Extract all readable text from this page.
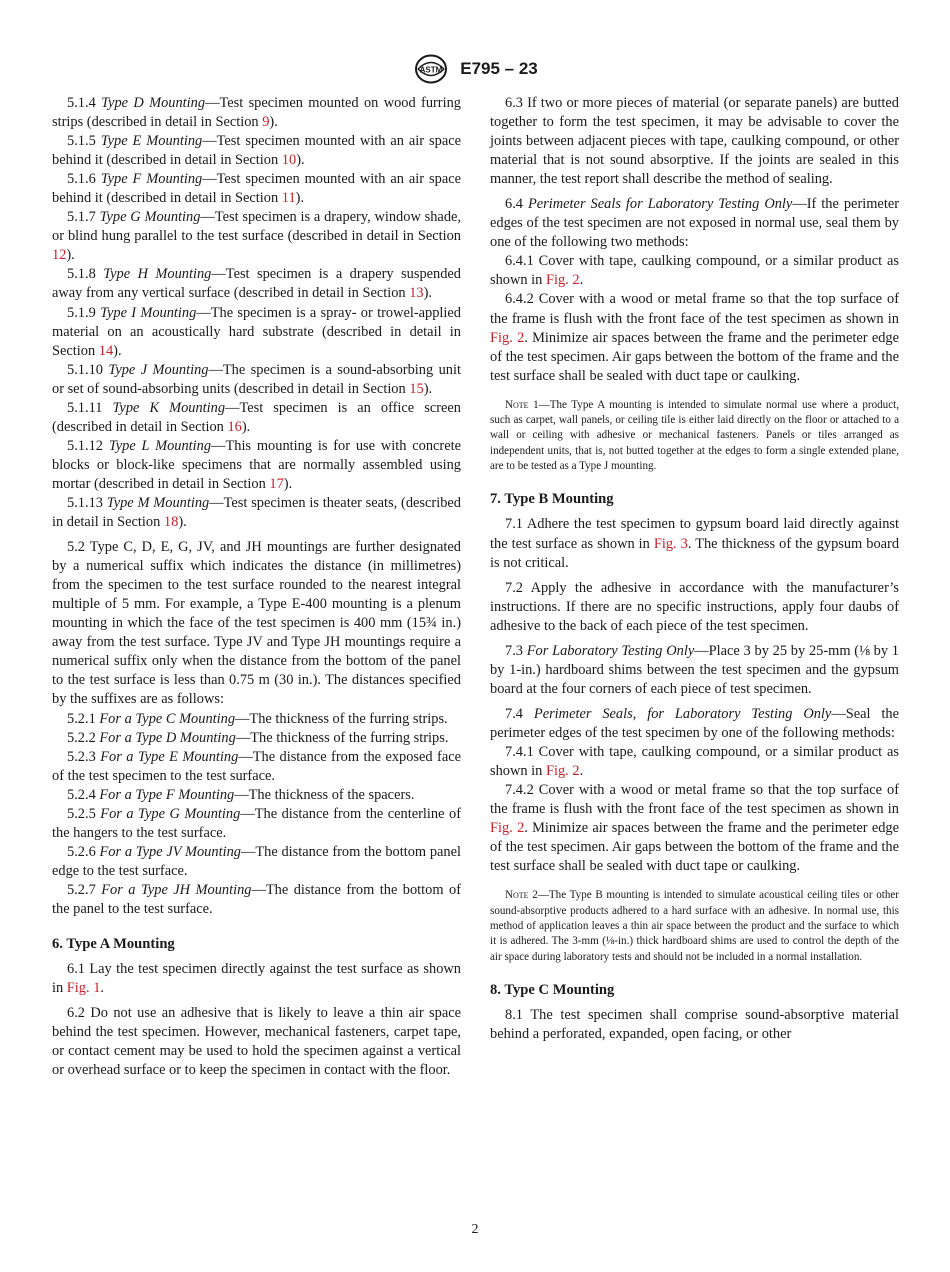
ASTM E795 – 23

5.1.4 Type D Mounting—Test specimen mounted on wood furring strips (described in detail in Section 9).

5.1.5 Type E Mounting—Test specimen mounted with an air space behind it (described in detail in Section 10).

5.1.6 Type F Mounting—Test specimen mounted with an air space behind it (described in detail in Section 11).

5.1.7 Type G Mounting—Test specimen is a drapery, window shade, or blind hung parallel to the test surface (described in detail in Section 12).

5.1.8 Type H Mounting—Test specimen is a drapery suspended away from any vertical surface (described in detail in Section 13).

5.1.9 Type I Mounting—The specimen is a spray- or trowel-applied material on an acoustically hard substrate (described in detail in Section 14).

5.1.10 Type J Mounting—The specimen is a sound-absorbing unit or set of sound-absorbing units (described in detail in Section 15).

5.1.11 Type K Mounting—Test specimen is an office screen (described in detail in Section 16).

5.1.12 Type L Mounting—This mounting is for use with concrete blocks or block-like specimens that are normally assembled using mortar (described in detail in Section 17).

5.1.13 Type M Mounting—Test specimen is theater seats, (described in detail in Section 18).

5.2 Type C, D, E, G, JV, and JH mountings are further designated by a numerical suffix which indicates the distance (in millimetres) from the specimen to the test surface rounded to the nearest integral multiple of 5 mm. For example, a Type E-400 mounting is a plenum mounting in which the face of the test specimen is 400 mm (15¾ in.) away from the test surface. Type JV and Type JH mountings require a numerical suffix only when the distance from the bottom of the panel to the test surface is less than 0.75 m (30 in.). The distances specified by the suffixes are as follows:

5.2.1 For a Type C Mounting—The thickness of the furring strips.

5.2.2 For a Type D Mounting—The thickness of the furring strips.

5.2.3 For a Type E Mounting—The distance from the exposed face of the test specimen to the test surface.

5.2.4 For a Type F Mounting—The thickness of the spacers.

5.2.5 For a Type G Mounting—The distance from the centerline of the hangers to the test surface.

5.2.6 For a Type JV Mounting—The distance from the bottom panel edge to the test surface.

5.2.7 For a Type JH Mounting—The distance from the bottom of the panel to the test surface.

6. Type A Mounting

6.1 Lay the test specimen directly against the test surface as shown in Fig. 1.

6.2 Do not use an adhesive that is likely to leave a thin air space behind the test specimen. However, mechanical fasteners, carpet tape, or contact cement may be used to hold the specimen against a vertical or overhead surface or to keep the specimen in contact with the floor.

6.3 If two or more pieces of material (or separate panels) are butted together to form the test specimen, it may be advisable to cover the joints between adjacent pieces with tape, caulking compound, or other material that is not sound absorptive. If the joints are sealed in this manner, the test report shall describe the method of sealing.

6.4 Perimeter Seals for Laboratory Testing Only—If the perimeter edges of the test specimen are not exposed in normal use, seal them by one of the following two methods:

6.4.1 Cover with tape, caulking compound, or a similar product as shown in Fig. 2.

6.4.2 Cover with a wood or metal frame so that the top surface of the frame is flush with the front face of the test specimen as shown in Fig. 2. Minimize air spaces between the frame and the perimeter edge of the test specimen. Air gaps between the bottom of the frame and the test surface shall be sealed with duct tape or caulking.

Note 1—The Type A mounting is intended to simulate normal use where a product, such as carpet, wall panels, or ceiling tile is either laid directly on the floor or attached to a wall or ceiling with adhesive or mechanical fasteners. Panels or tiles arranged as independent units, that is, not butted together at the edges to form a single extended plane, are to be tested as a Type J mounting.
7. Type B Mounting

7.1 Adhere the test specimen to gypsum board laid directly against the test surface as shown in Fig. 3. The thickness of the gypsum board is not critical.

7.2 Apply the adhesive in accordance with the manufacturer’s instructions. If there are no specific instructions, apply four daubs of adhesive to the back of each piece of the test specimen.

7.3 For Laboratory Testing Only—Place 3 by 25 by 25-mm (⅛ by 1 by 1-in.) hardboard shims between the test specimen and the gypsum board at the four corners of each piece of test specimen.

7.4 Perimeter Seals, for Laboratory Testing Only—Seal the perimeter edges of the test specimen by one of the following methods:

7.4.1 Cover with tape, caulking compound, or a similar product as shown in Fig. 2.

7.4.2 Cover with a wood or metal frame so that the top surface of the frame is flush with the front face of the test specimen as shown in Fig. 2. Minimize air spaces between the frame and the perimeter edge of the test specimen. Air gaps between the bottom of the frame and the test surface shall be sealed with duct tape or caulking.

Note 2—The Type B mounting is intended to simulate acoustical ceiling tiles or other sound-absorptive products adhered to a hard surface with an adhesive. In normal use, this method of application leaves a thin air space between the product and the surface to which it is adhered. The 3-mm (⅛-in.) thick hardboard shims are used to control the depth of the air space during laboratory tests and should not be included in a normal installation.
8. Type C Mounting

8.1 The test specimen shall comprise sound-absorptive material behind a perforated, expanded, open facing, or other

2
